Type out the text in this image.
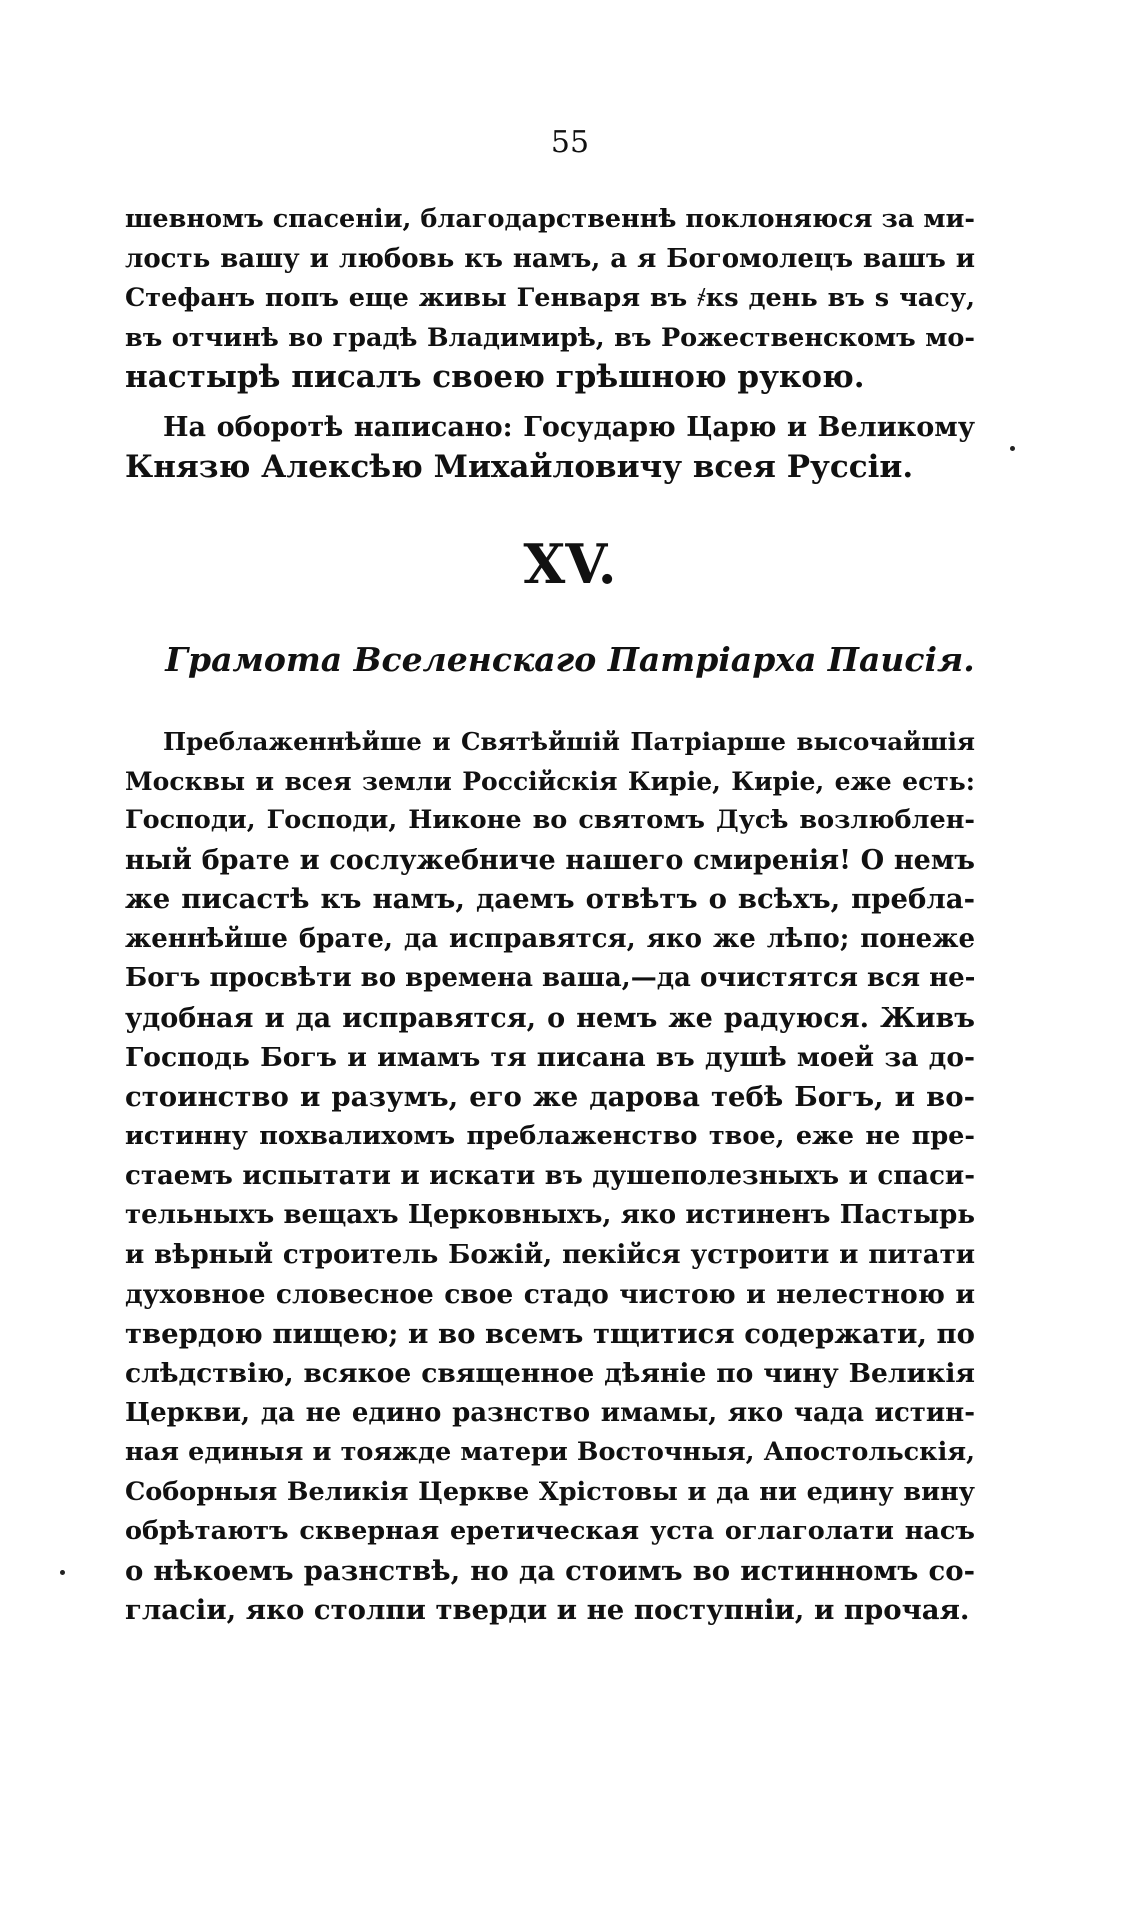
55
шевномъ спасеніи, благодарственнѣ поклоняюся за ми-
лость вашу и любовь къ намъ, а я Богомолецъ вашъ и
Стефанъ попъ еще живы Генваря въ ҂кѕ день въ ѕ часу,
въ отчинѣ во градѣ Владимирѣ, въ Рожественскомъ мо-
настырѣ писалъ своею грѣшною рукою.
На оборотѣ написано: Государю Царю и Великому
Князю Алексѣю Михайловичу всея Руссіи.
XV.
Грамота Вселенскаго Патріарха Паисія.
Преблаженнѣйше и Святѣйшій Патріарше высочайшія
Москвы и всея земли Россійскія Киріе, Киріе, еже есть:
Господи, Господи, Никоне во святомъ Дусѣ возлюблен-
ный брате и сослужебниче нашего смиренія! О немъ
же писастѣ къ намъ, даемъ отвѣтъ о всѣхъ, пребла-
женнѣйше брате, да исправятся, яко же лѣпо; понеже
Богъ просвѣти во времена ваша,—да очистятся вся не-
удобная и да исправятся, о немъ же радуюся. Живъ
Господь Богъ и имамъ тя писана въ душѣ моей за до-
стоинство и разумъ, его же дарова тебѣ Богъ, и во-
истинну похвалихомъ преблаженство твое, еже не пре-
стаемъ испытати и искати въ душеполезныхъ и спаси-
тельныхъ вещахъ Церковныхъ, яко истиненъ Пастырь
и вѣрный строитель Божій, пекійся устроити и питати
духовное словесное свое стадо чистою и нелестною и
твердою пищею; и во всемъ тщитися содержати, по
слѣдствію, всякое священное дѣяніе по чину Великія
Церкви, да не едино разнство имамы, яко чада истин-
ная единыя и тояжде матери Восточныя, Апостольскія,
Соборныя Великія Церкве Хрістовы и да ни едину вину
обрѣтаютъ скверная еретическая уста оглаголати насъ
о нѣкоемъ разнствѣ, но да стоимъ во истинномъ со-
гласіи, яко столпи тверди и не поступніи, и прочая.
